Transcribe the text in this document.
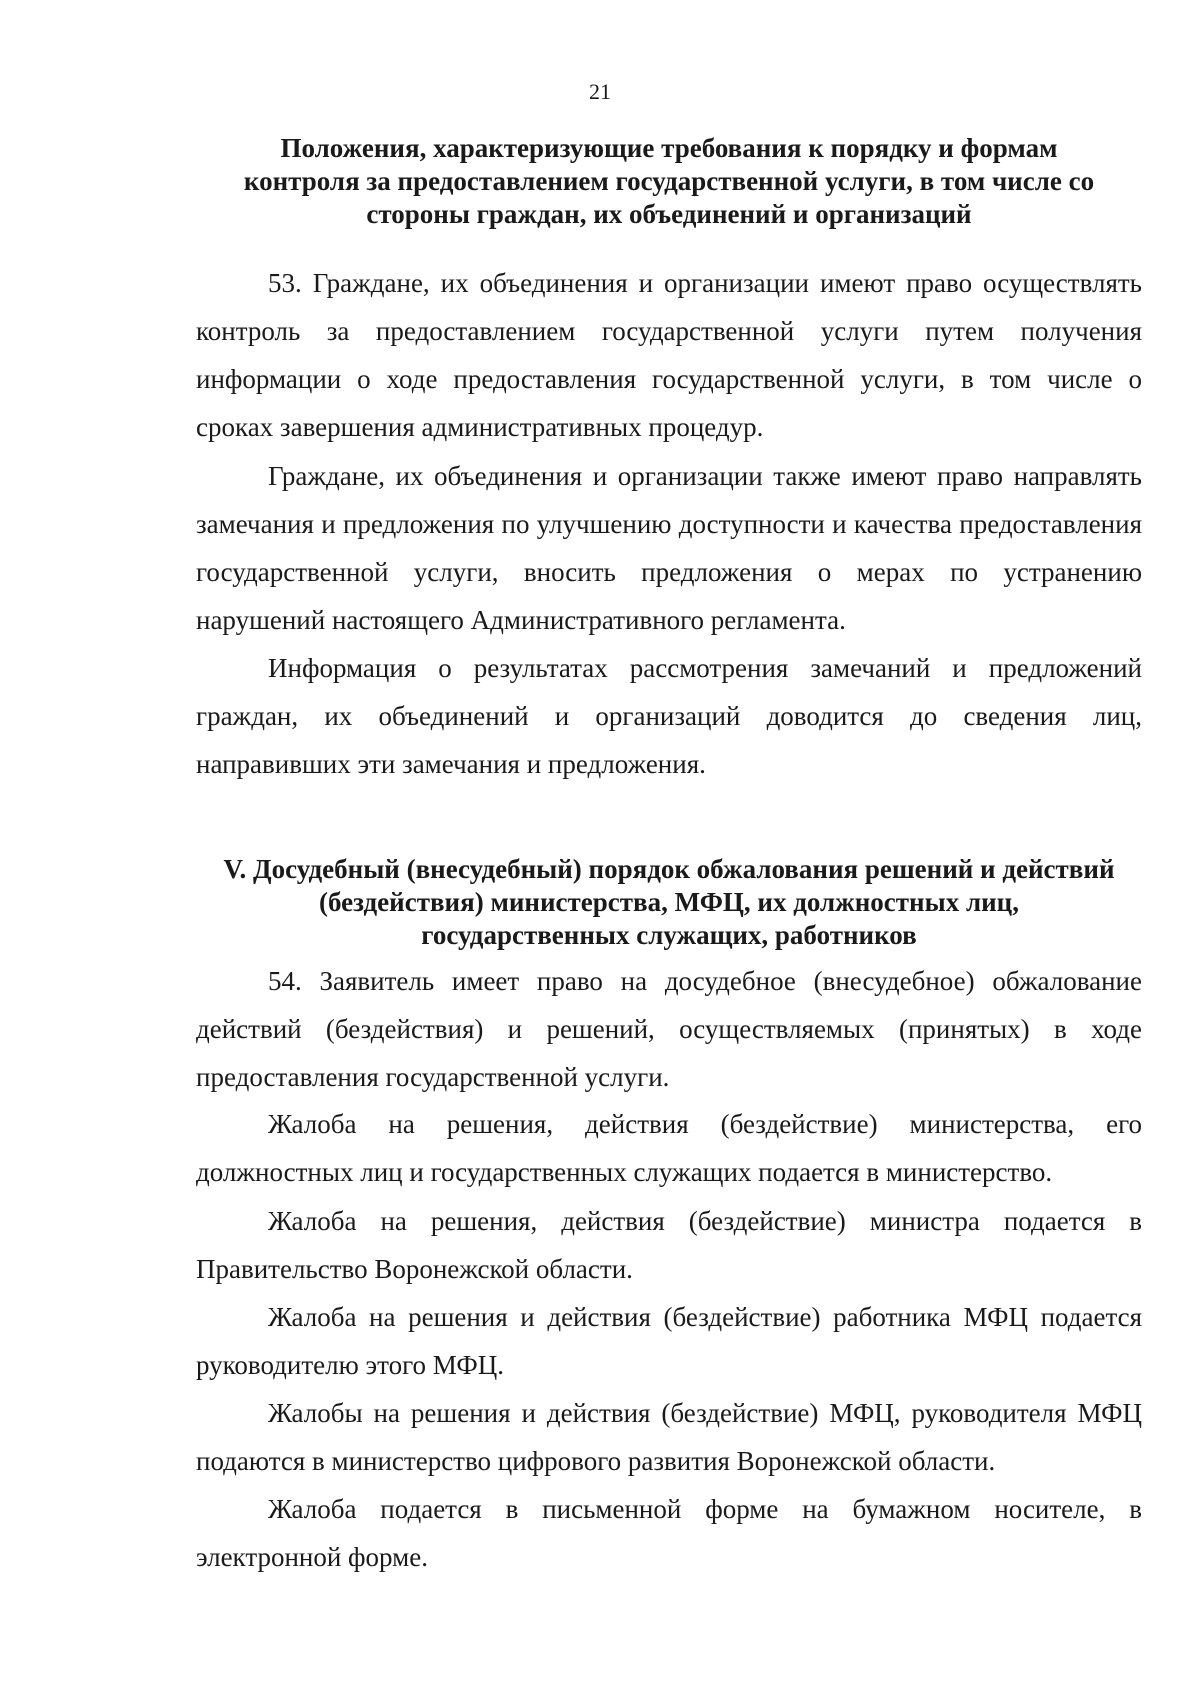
21
Положения, характеризующие требования к порядку и формам
контроля за предоставлением государственной услуги, в том числе со
стороны граждан, их объединений и организаций

53. Граждане, их объединения и организации имеют право осуществлять контроль за предоставлением государственной услуги путем получения информации о ходе предоставления государственной услуги, в том числе о сроках завершения административных процедур.

Граждане, их объединения и организации также имеют право направлять замечания и предложения по улучшению доступности и качества предоставления государственной услуги, вносить предложения о мерах по устранению нарушений настоящего Административного регламента.

Информация о результатах рассмотрения замечаний и предложений граждан, их объединений и организаций доводится до сведения лиц, направивших эти замечания и предложения.

V. Досудебный (внесудебный) порядок обжалования решений и действий
(бездействия) министерства, МФЦ, их должностных лиц,
государственных служащих, работников

54. Заявитель имеет право на досудебное (внесудебное) обжалование действий (бездействия) и решений, осуществляемых (принятых) в ходе предоставления государственной услуги.

Жалоба на решения, действия (бездействие) министерства, его должностных лиц и государственных служащих подается в министерство.

Жалоба на решения, действия (бездействие) министра подается в Правительство Воронежской области.

Жалоба на решения и действия (бездействие) работника МФЦ подается руководителю этого МФЦ.

Жалобы на решения и действия (бездействие) МФЦ, руководителя МФЦ подаются в министерство цифрового развития Воронежской области.

Жалоба подается в письменной форме на бумажном носителе, в электронной форме.
